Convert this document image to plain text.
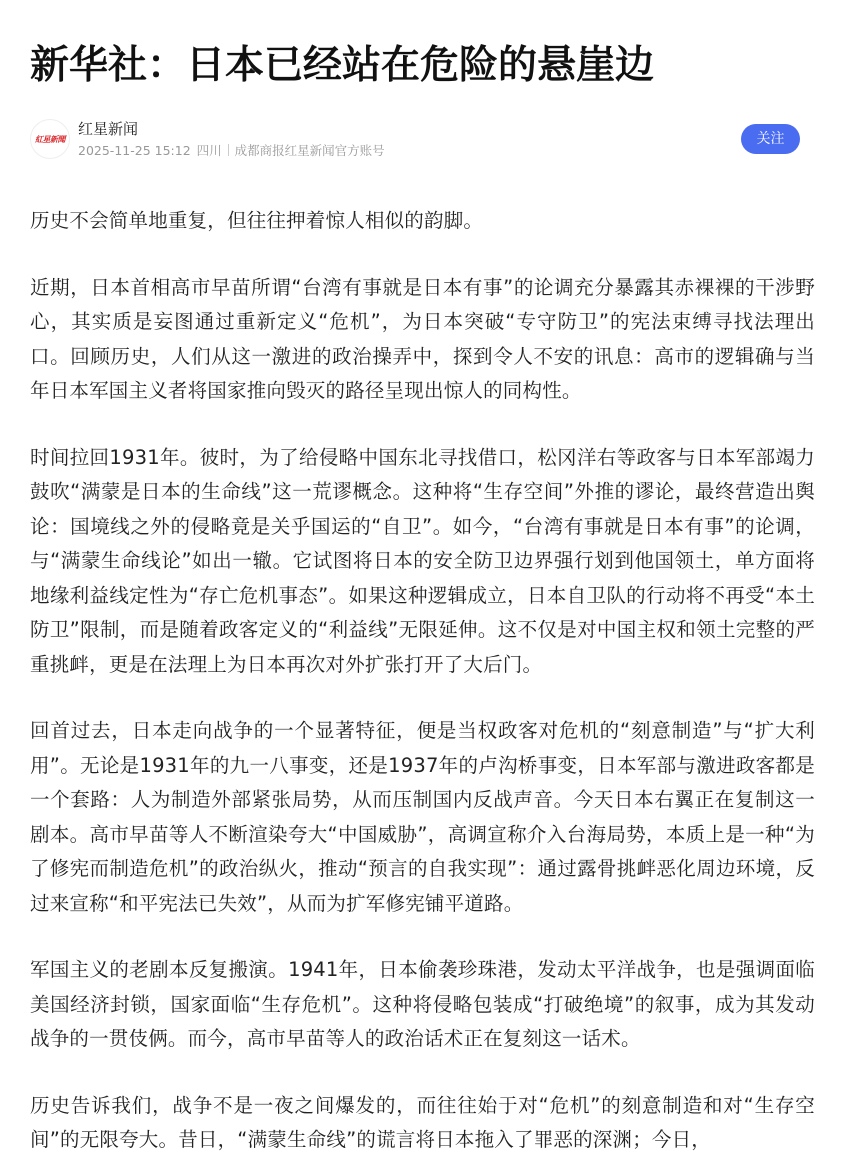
新华社：日本已经站在危险的悬崖边
紅星新聞
红星新闻
2025-11-25 15:12 四川 成都商报红星新闻官方账号
关注

历史不会简单地重复，但往往押着惊人相似的韵脚。

近期，日本首相高市早苗所谓“台湾有事就是日本有事”的论调充分暴露其赤裸裸的干涉野心，其实质是妄图通过重新定义“危机”，为日本突破“专守防卫”的宪法束缚寻找法理出口。回顾历史，人们从这一激进的政治操弄中，探到令人不安的讯息：高市的逻辑确与当年日本军国主义者将国家推向毁灭的路径呈现出惊人的同构性。

时间拉回1931年。彼时，为了给侵略中国东北寻找借口，松冈洋右等政客与日本军部竭力鼓吹“满蒙是日本的生命线”这一荒谬概念。这种将“生存空间”外推的谬论，最终营造出舆论：国境线之外的侵略竟是关乎国运的“自卫”。如今，“台湾有事就是日本有事”的论调，与“满蒙生命线论”如出一辙。它试图将日本的安全防卫边界强行划到他国领土，单方面将地缘利益线定性为“存亡危机事态”。如果这种逻辑成立，日本自卫队的行动将不再受“本土防卫”限制，而是随着政客定义的“利益线”无限延伸。这不仅是对中国主权和领土完整的严重挑衅，更是在法理上为日本再次对外扩张打开了大后门。

回首过去，日本走向战争的一个显著特征，便是当权政客对危机的“刻意制造”与“扩大利用”。无论是1931年的九一八事变，还是1937年的卢沟桥事变，日本军部与激进政客都是一个套路：人为制造外部紧张局势，从而压制国内反战声音。今天日本右翼正在复制这一剧本。高市早苗等人不断渲染夸大“中国威胁”，高调宣称介入台海局势，本质上是一种“为了修宪而制造危机”的政治纵火，推动“预言的自我实现”：通过露骨挑衅恶化周边环境，反过来宣称“和平宪法已失效”，从而为扩军修宪铺平道路。

军国主义的老剧本反复搬演。1941年，日本偷袭珍珠港，发动太平洋战争，也是强调面临美国经济封锁，国家面临“生存危机”。这种将侵略包装成“打破绝境”的叙事，成为其发动战争的一贯伎俩。而今，高市早苗等人的政治话术正在复刻这一话术。

历史告诉我们，战争不是一夜之间爆发的，而往往始于对“危机”的刻意制造和对“生存空间”的无限夸大。昔日，“满蒙生命线”的谎言将日本拖入了罪恶的深渊；今日，
